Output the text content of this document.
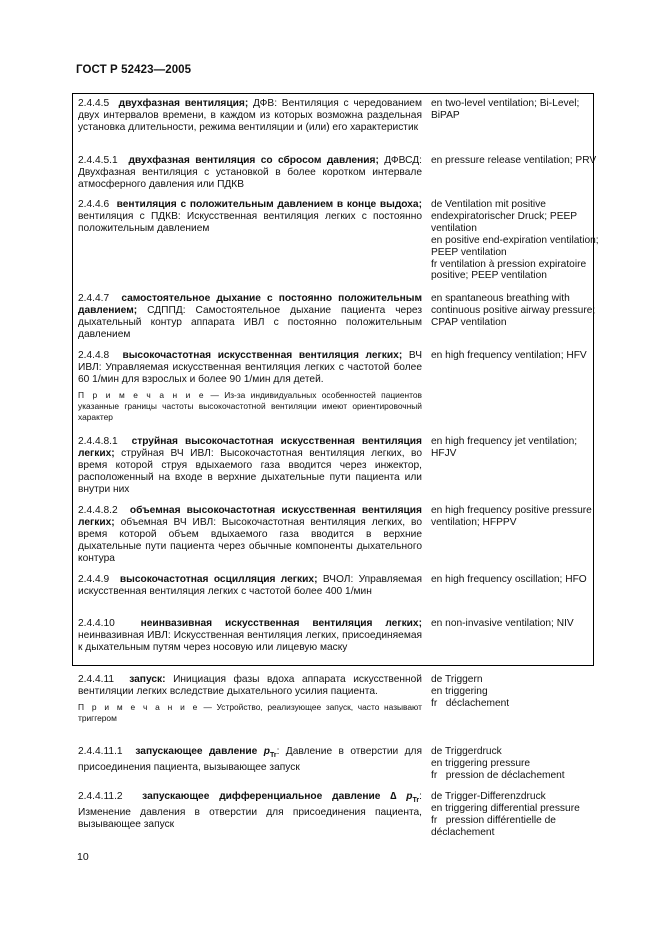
ГОСТ Р 52423—2005
2.4.4.5 двухфазная вентиляция; ДФВ: Вентиляция с чередованием двух интервалов времени, в каждом из которых возможна раздельная установка длительности, режима вентиляции и (или) его характеристик
en two-level ventilation; Bi-Level; BiPAP
2.4.4.5.1 двухфазная вентиляция со сбросом давления; ДФВСД: Двухфазная вентиляция с установкой в более коротком интервале атмосферного давления или ПДКВ
en pressure release ventilation; PRV
2.4.4.6 вентиляция с положительным давлением в конце выдоха; вентиляция с ПДКВ: Искусственная вентиляция легких с постоянно положительным давлением
de Ventilation mit positive endexpiratorischer Druck; PEEP ventilation
en positive end-expiration ventilation; PEEP ventilation
fr ventilation à pression expiratoire positive; PEEP ventilation
2.4.4.7 самостоятельное дыхание с постоянно положительным давлением; СДППД: Самостоятельное дыхание пациента через дыхательный контур аппарата ИВЛ с постоянно положительным давлением
en spantaneous breathing with continuous positive airway pressure; CPAP ventilation
2.4.4.8 высокочастотная искусственная вентиляция легких; ВЧ ИВЛ: Управляемая искусственная вентиляция легких с частотой более 60 1/мин для взрослых и более 90 1/мин для детей.
П р и м е ч а н и е — Из-за индивидуальных особенностей пациентов указанные границы частоты высокочастотной вентиляции имеют ориентировочный характер
en high frequency ventilation; HFV
2.4.4.8.1 струйная высокочастотная искусственная вентиляция легких; струйная ВЧ ИВЛ: Высокочастотная вентиляция легких, во время которой струя вдыхаемого газа вводится через инжектор, расположенный на входе в верхние дыхательные пути пациента или внутри них
en high frequency jet ventilation; HFJV
2.4.4.8.2 объемная высокочастотная искусственная вентиляция легких; объемная ВЧ ИВЛ: Высокочастотная вентиляция легких, во время которой объем вдыхаемого газа вводится в верхние дыхательные пути пациента через обычные компоненты дыхательного контура
en high frequency positive pressure ventilation; HFPPV
2.4.4.9 высокочастотная осцилляция легких; ВЧОЛ: Управляемая искусственная вентиляция легких с частотой более 400 1/мин
en high frequency oscillation; HFO
2.4.4.10	неинвазивная искусственная вентиляция легких; неинвазивная ИВЛ: Искусственная вентиляция легких, присоединяемая к дыхательным путям через носовую или лицевую маску
en non-invasive ventilation; NIV
2.4.4.11 запуск: Инициация фазы вдоха аппарата искусственной вентиляции легких вследствие дыхательного усилия пациента.
П р и м е ч а н и е — Устройство, реализующее запуск, часто называют триггером
de Triggern
en triggering
fr   déclachement
2.4.4.11.1 запускающее давление $p_{Tr}$: Давление в отверстии для присоединения пациента, вызывающее запуск
de Triggerdruck
en triggering pressure
fr   pression de déclachement
2.4.4.11.2 запускающее дифференциальное давление ∆ $p_{Tr}$: Изменение давления в отверстии для присоединения пациента, вызывающее запуск
de Trigger-Differenzdruck
en triggering differential pressure
fr   pression différentielle de
déclachement
10
